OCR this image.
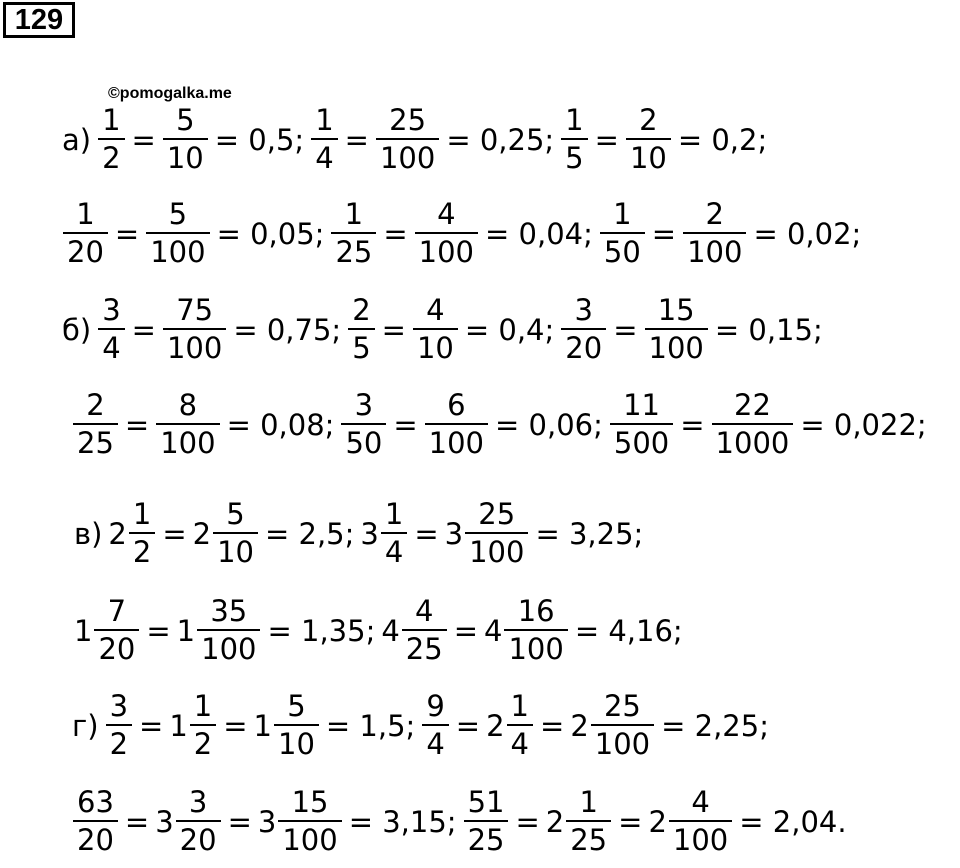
129
©pomogalka.me
$а) \frac{1}{2} = \frac{5}{10} = 0,5$; $\frac{1}{4} = \frac{25}{100} = 0,25$; $\frac{1}{5} = \frac{2}{10} = 0,2$;
$\frac{1}{20} = \frac{5}{100} = 0,05$; $\frac{1}{25} = \frac{4}{100} = 0,04$; $\frac{1}{50} = \frac{2}{100} = 0,02$;
$б) \frac{3}{4} = \frac{75}{100} = 0,75$; $\frac{2}{5} = \frac{4}{10} = 0,4$; $\frac{3}{20} = \frac{15}{100} = 0,15$;
$\frac{2}{25} = \frac{8}{100} = 0,08$; $\frac{3}{50} = \frac{6}{100} = 0,06$; $\frac{11}{500} = \frac{22}{1000} = 0,022$;
в) $2 \frac{1}{2} = 2 \frac{5}{10} = 2,5$; $3 \frac{1}{4} = 3 \frac{25}{100} = 3,25$;
$1 \frac{7}{20} = 1 \frac{35}{100} = 1,35$; $4 \frac{4}{25} = 4 \frac{16}{100} = 4,16$;
$г) \frac{3}{2} = 1 \frac{1}{2} = 1 \frac{5}{10} = 1,5$; $\frac{9}{4} = 2 \frac{1}{4} = 2 \frac{25}{100} = 2,25$;
$\frac{63}{20} = 3 \frac{3}{20} = 3 \frac{15}{100} = 3,15$; $\frac{51}{25} = 2 \frac{1}{25} = 2 \frac{4}{100} = 2,04$.
